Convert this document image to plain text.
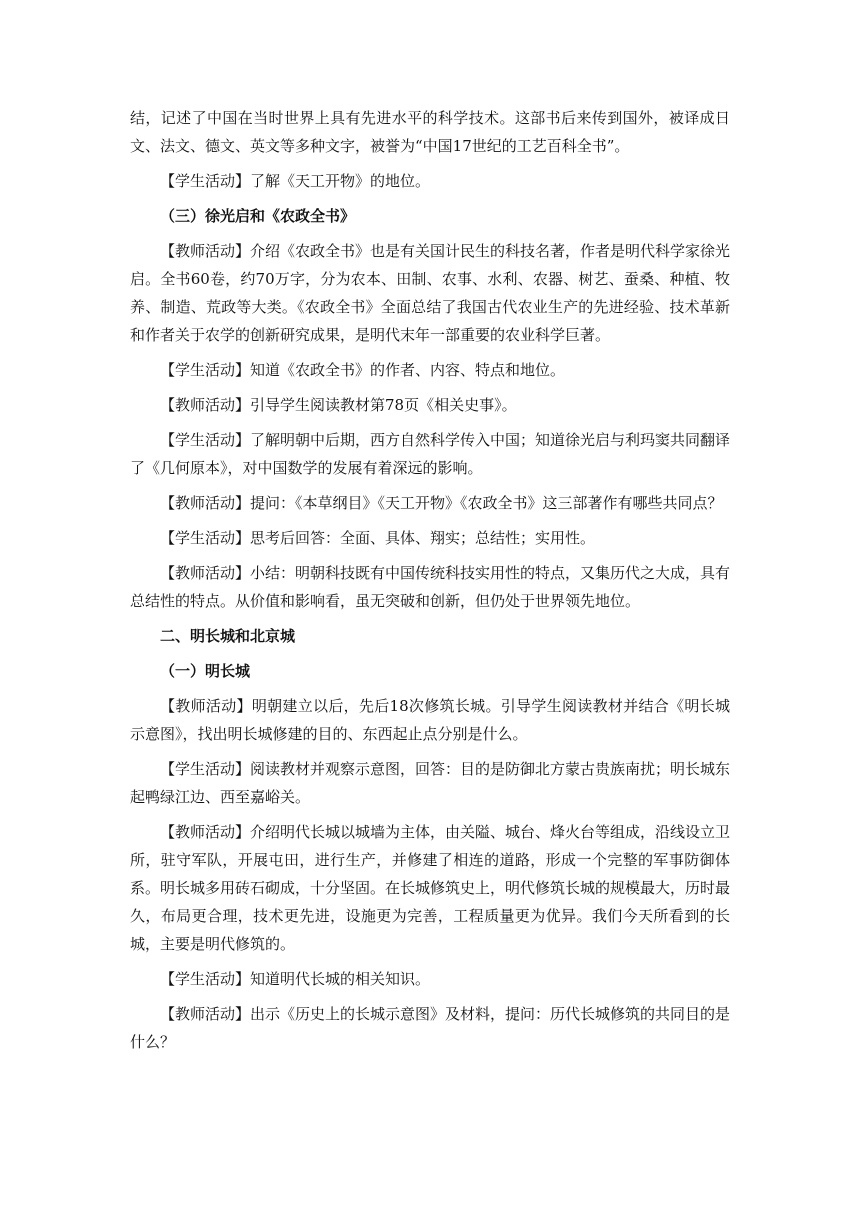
结，记述了中国在当时世界上具有先进水平的科学技术。这部书后来传到国外，被译成日文、法文、德文、英文等多种文字，被誉为“中国17世纪的工艺百科全书”。

【学生活动】了解《天工开物》的地位。

（三）徐光启和《农政全书》

【教师活动】介绍《农政全书》也是有关国计民生的科技名著，作者是明代科学家徐光启。全书60卷，约70万字，分为农本、田制、农事、水利、农器、树艺、蚕桑、种植、牧养、制造、荒政等大类。《农政全书》全面总结了我国古代农业生产的先进经验、技术革新和作者关于农学的创新研究成果，是明代末年一部重要的农业科学巨著。

【学生活动】知道《农政全书》的作者、内容、特点和地位。

【教师活动】引导学生阅读教材第78页《相关史事》。

【学生活动】了解明朝中后期，西方自然科学传入中国；知道徐光启与利玛窦共同翻译了《几何原本》，对中国数学的发展有着深远的影响。

【教师活动】提问：《本草纲目》《天工开物》《农政全书》这三部著作有哪些共同点？

【学生活动】思考后回答：全面、具体、翔实；总结性；实用性。

【教师活动】小结：明朝科技既有中国传统科技实用性的特点，又集历代之大成，具有总结性的特点。从价值和影响看，虽无突破和创新，但仍处于世界领先地位。

二、明长城和北京城

（一）明长城

【教师活动】明朝建立以后，先后18次修筑长城。引导学生阅读教材并结合《明长城示意图》，找出明长城修建的目的、东西起止点分别是什么。

【学生活动】阅读教材并观察示意图，回答：目的是防御北方蒙古贵族南扰；明长城东起鸭绿江边、西至嘉峪关。

【教师活动】介绍明代长城以城墙为主体，由关隘、城台、烽火台等组成，沿线设立卫所，驻守军队，开展屯田，进行生产，并修建了相连的道路，形成一个完整的军事防御体系。明长城多用砖石砌成，十分坚固。在长城修筑史上，明代修筑长城的规模最大，历时最久，布局更合理，技术更先进，设施更为完善，工程质量更为优异。我们今天所看到的长城，主要是明代修筑的。

【学生活动】知道明代长城的相关知识。

【教师活动】出示《历史上的长城示意图》及材料，提问：历代长城修筑的共同目的是什么？
